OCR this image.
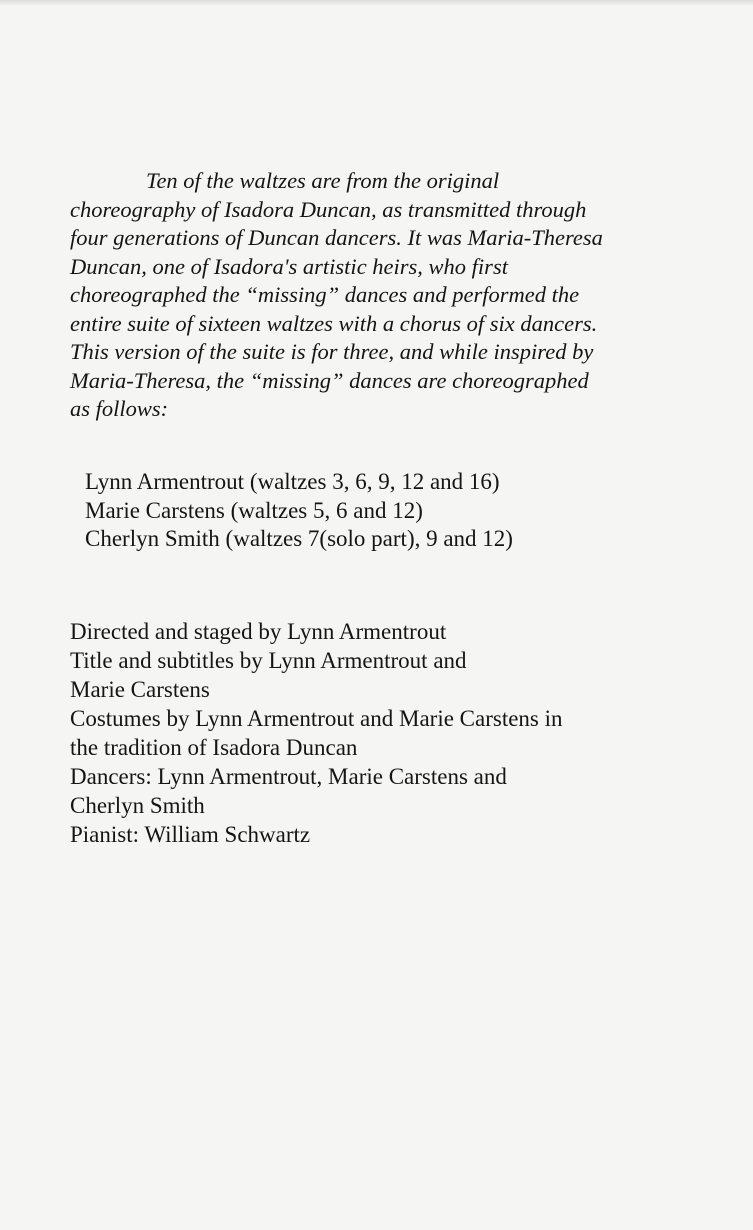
Ten of the waltzes are from the original
choreography of Isadora Duncan, as transmitted through
four generations of Duncan dancers. It was Maria-Theresa
Duncan, one of Isadora's artistic heirs, who first
choreographed the “missing” dances and performed the
entire suite of sixteen waltzes with a chorus of six dancers.
This version of the suite is for three, and while inspired by
Maria-Theresa, the “missing” dances are choreographed
as follows:
Lynn Armentrout (waltzes 3, 6, 9, 12 and 16)
Marie Carstens (waltzes 5, 6 and 12)
Cherlyn Smith (waltzes 7(solo part), 9 and 12)
Directed and staged by Lynn Armentrout
Title and subtitles by Lynn Armentrout and
Marie Carstens
Costumes by Lynn Armentrout and Marie Carstens in
the tradition of Isadora Duncan
Dancers: Lynn Armentrout, Marie Carstens and
Cherlyn Smith
Pianist: William Schwartz
